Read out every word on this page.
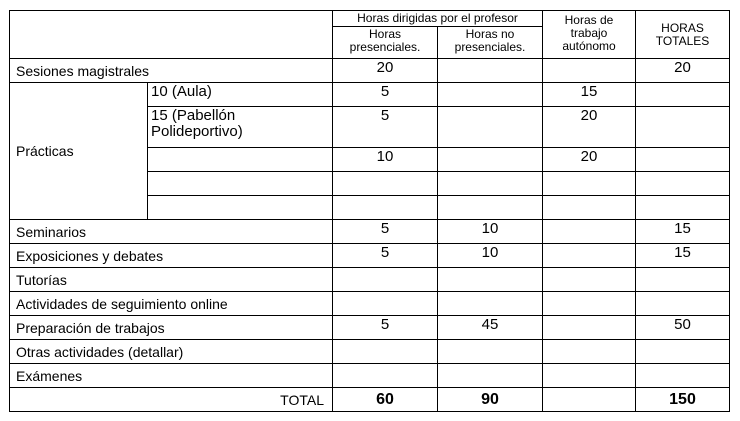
		Horas dirigidas por el profesor		Horas de trabajo autónomo	HORAS TOTALES
		Horas presenciales.	Horas no presenciales.		
Sesiones magistrales		20			20
Prácticas	10 (Aula)	5		15	
	15 (Pabellón Polideportivo)	5		20	
		10		20	

Seminarios		5	10		15
Exposiciones y debates		5	10		15
Tutorías					
Actividades de seguimiento online					
Preparación de trabajos		5	45		50
Otras actividades (detallar)					
Exámenes					
TOTAL		60	90		150
